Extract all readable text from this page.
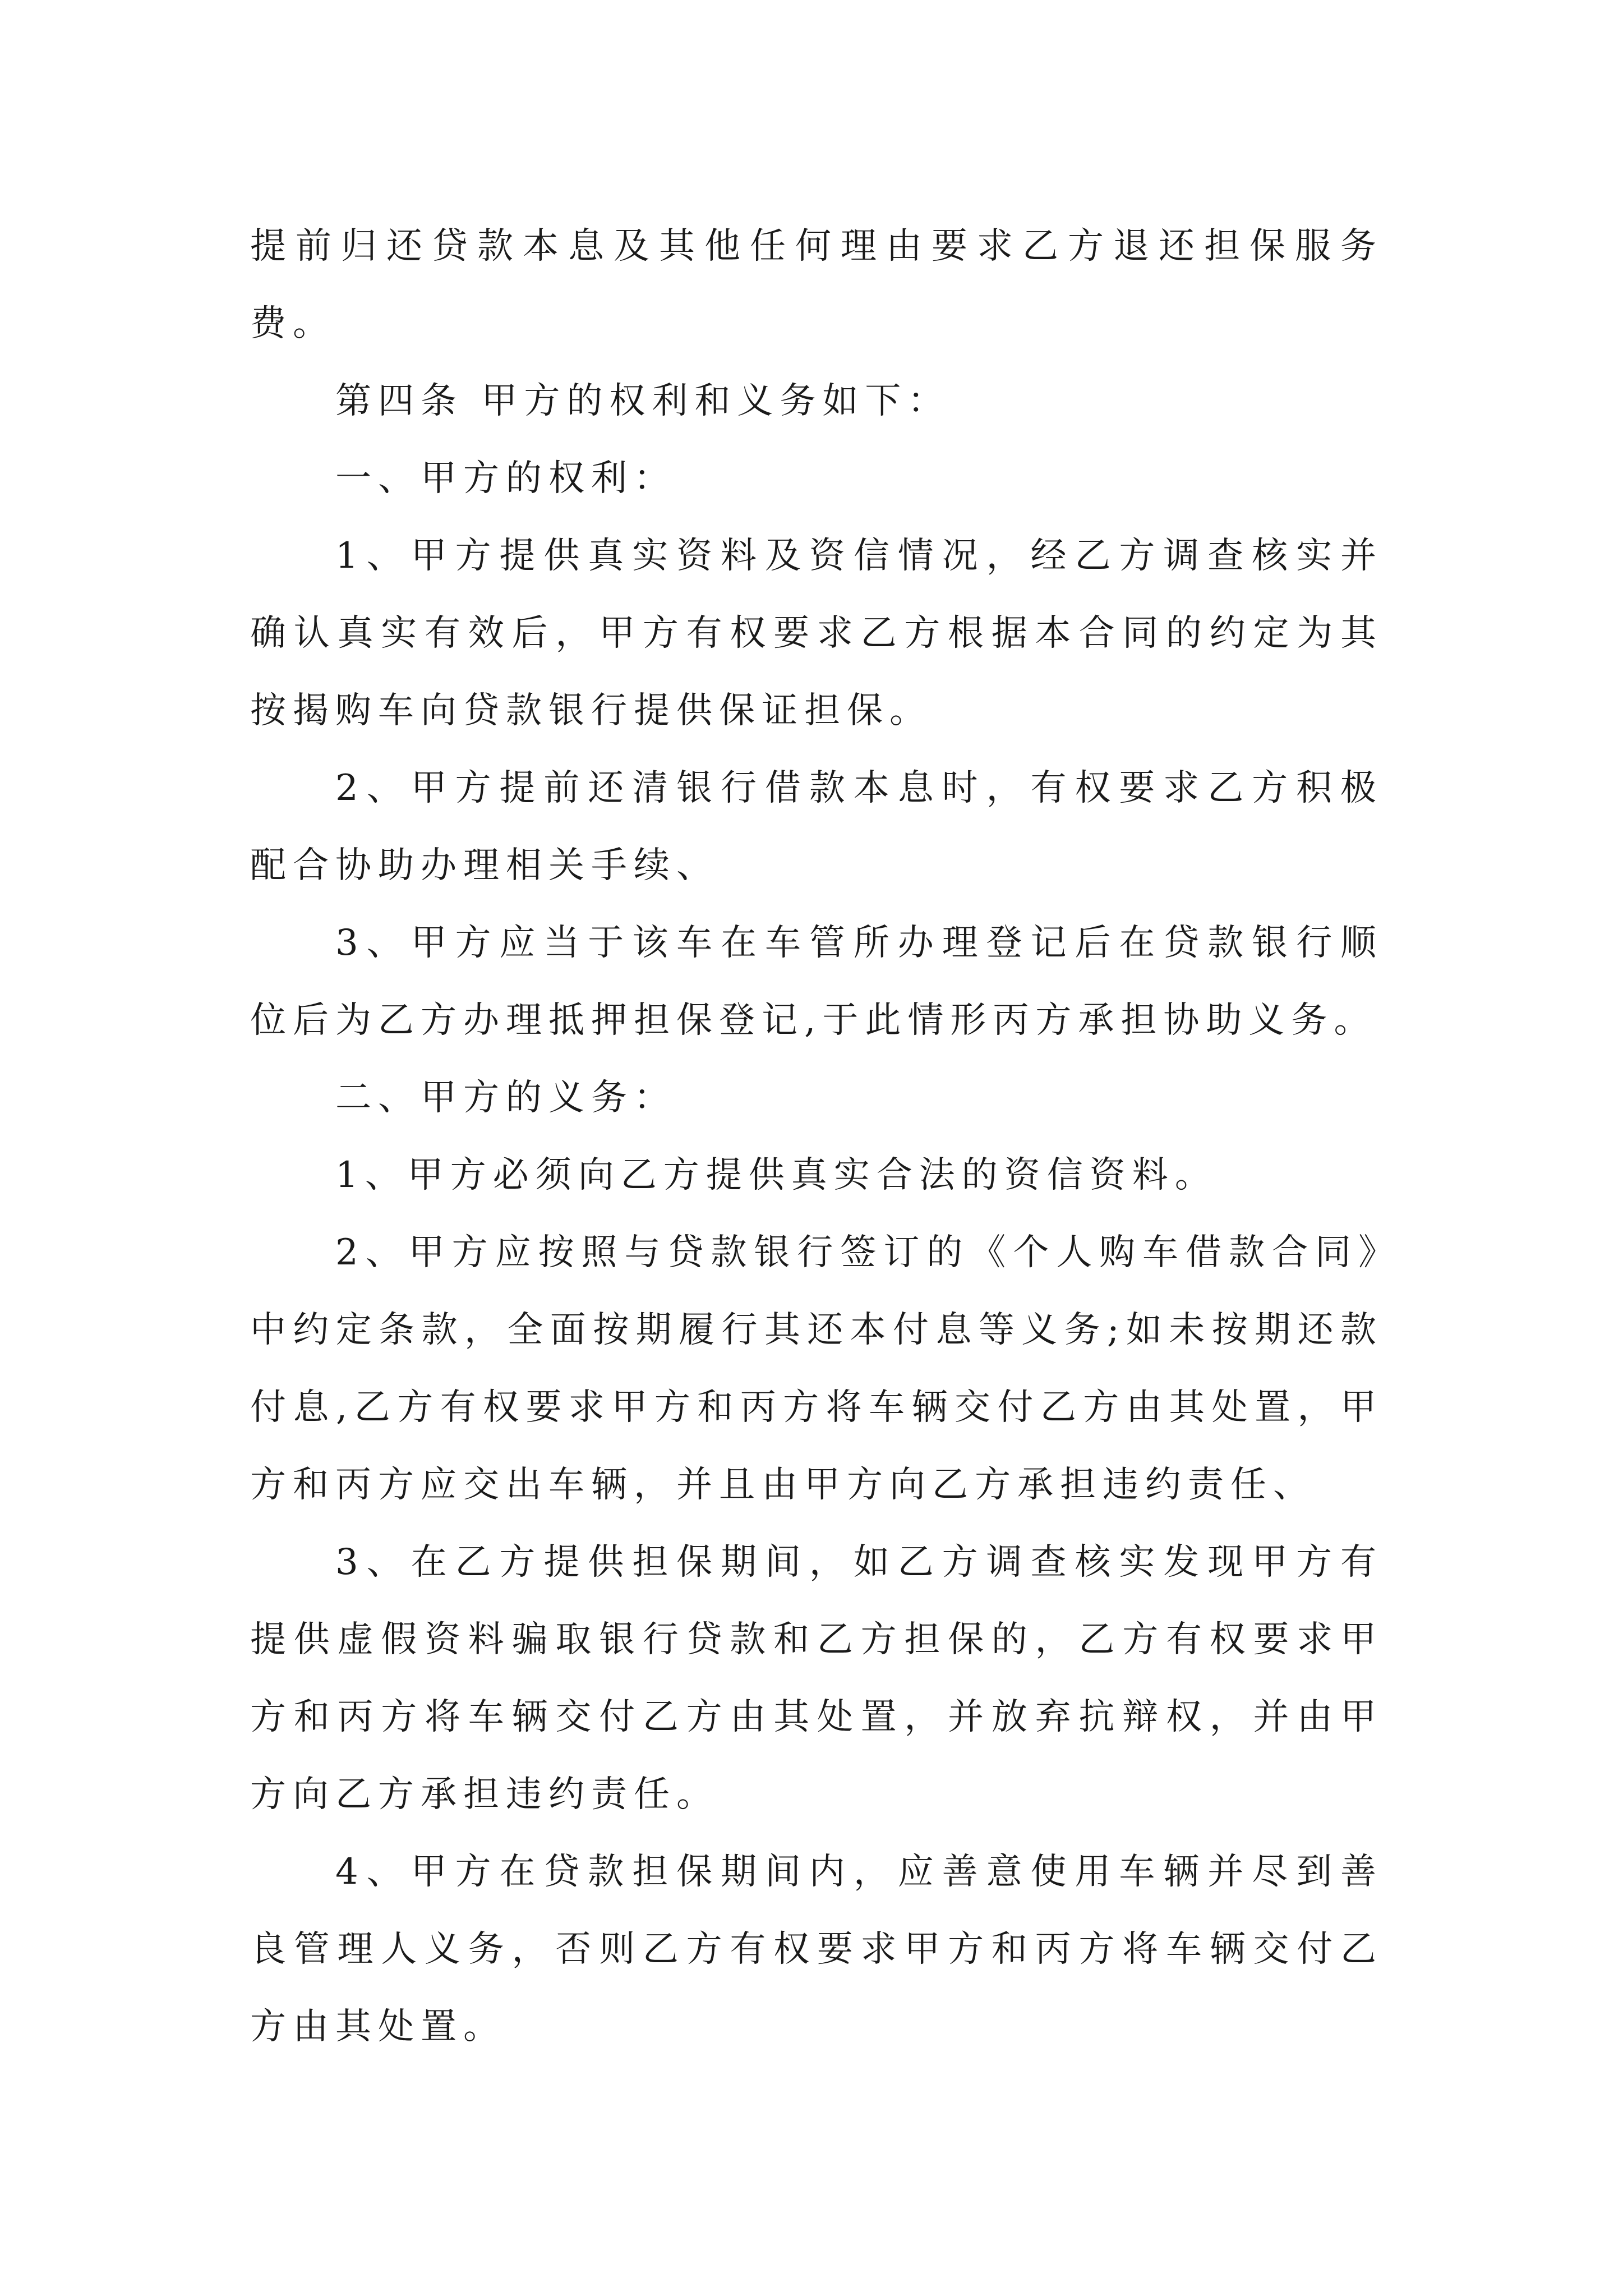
提前归还贷款本息及其他任何理由要求乙方退还担保服务费。

第四条 甲方的权利和义务如下：

一、甲方的权利：

1、甲方提供真实资料及资信情况，经乙方调查核实并确认真实有效后，甲方有权要求乙方根据本合同的约定为其按揭购车向贷款银行提供保证担保。

2、甲方提前还清银行借款本息时，有权要求乙方积极配合协助办理相关手续、

3、甲方应当于该车在车管所办理登记后在贷款银行顺位后为乙方办理抵押担保登记,于此情形丙方承担协助义务。

二、甲方的义务：

1、甲方必须向乙方提供真实合法的资信资料。

2、甲方应按照与贷款银行签订的《个人购车借款合同》中约定条款，全面按期履行其还本付息等义务;如未按期还款付息,乙方有权要求甲方和丙方将车辆交付乙方由其处置，甲方和丙方应交出车辆，并且由甲方向乙方承担违约责任、

3、在乙方提供担保期间，如乙方调查核实发现甲方有提供虚假资料骗取银行贷款和乙方担保的，乙方有权要求甲方和丙方将车辆交付乙方由其处置，并放弃抗辩权，并由甲方向乙方承担违约责任。

4、甲方在贷款担保期间内，应善意使用车辆并尽到善良管理人义务，否则乙方有权要求甲方和丙方将车辆交付乙方由其处置。
